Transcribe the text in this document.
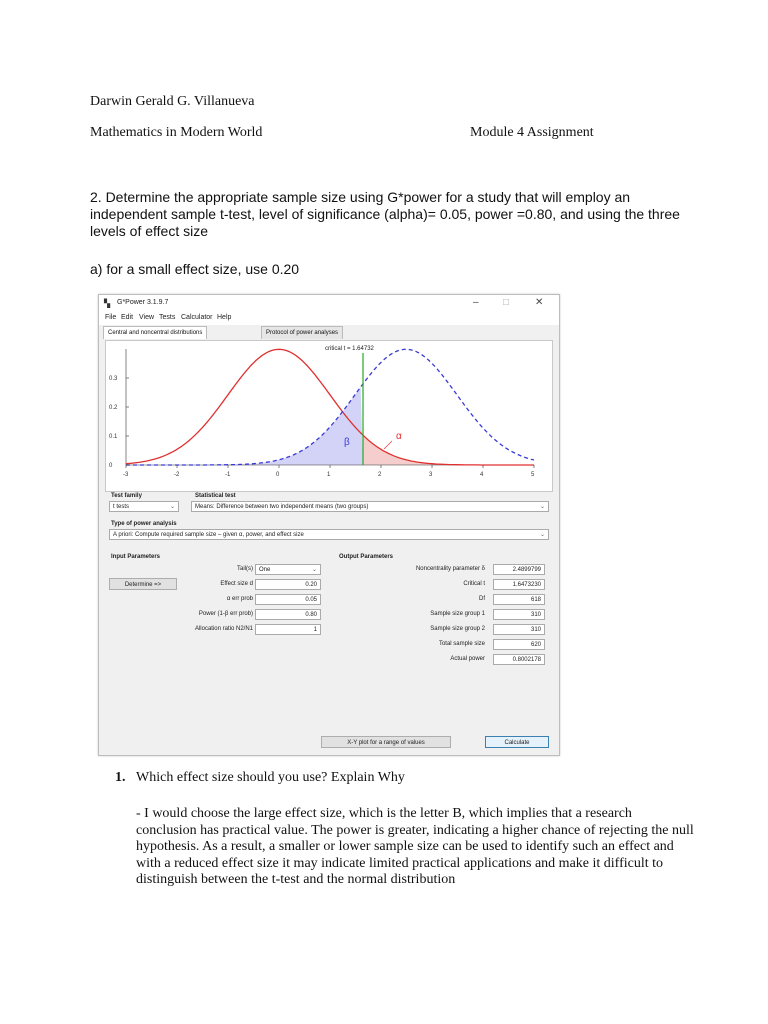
Darwin Gerald G. Villanueva
Mathematics in Modern World	Module 4 Assignment
2. Determine the appropriate sample size using G*power for a study that will employ an independent sample t-test, level of significance (alpha)= 0.05, power =0.80, and using the three levels of effect size
a) for a small effect size, use 0.20
▚ G*Power 3.1.9.7	– □	✕
File Edit View Tests Calculator Help
Central and noncentral distributions	Protocol of power analyses
critical t = 1.64732
β
α
0.3
0.2
0.1
0
-3	-2	-1	0	1	2	3	4	5
Test family	Statistical test
t tests	⌄	Means: Difference between two independent means (two groups)	⌄
Type of power analysis
A priori: Compute required sample size – given α, power, and effect size	⌄
Input Parameters	Output Parameters
Determine =>
Tail(s)	One	⌄
Effect size d	0.20
α err prob	0.05
Power (1-β err prob)	0.80
Allocation ratio N2/N1	1
Noncentrality parameter δ	2.4899799
Critical t	1.6473230
Df	618
Sample size group 1	310
Sample size group 2	310
Total sample size	620
Actual power	0.8002178
X-Y plot for a range of values	Calculate
1. Which effect size should you use? Explain Why
- I would choose the large effect size, which is the letter B, which implies that a research conclusion has practical value. The power is greater, indicating a higher chance of rejecting the null hypothesis. As a result, a smaller or lower sample size can be used to identify such an effect and with a reduced effect size it may indicate limited practical applications and make it difficult to distinguish between the t-test and the normal distribution
